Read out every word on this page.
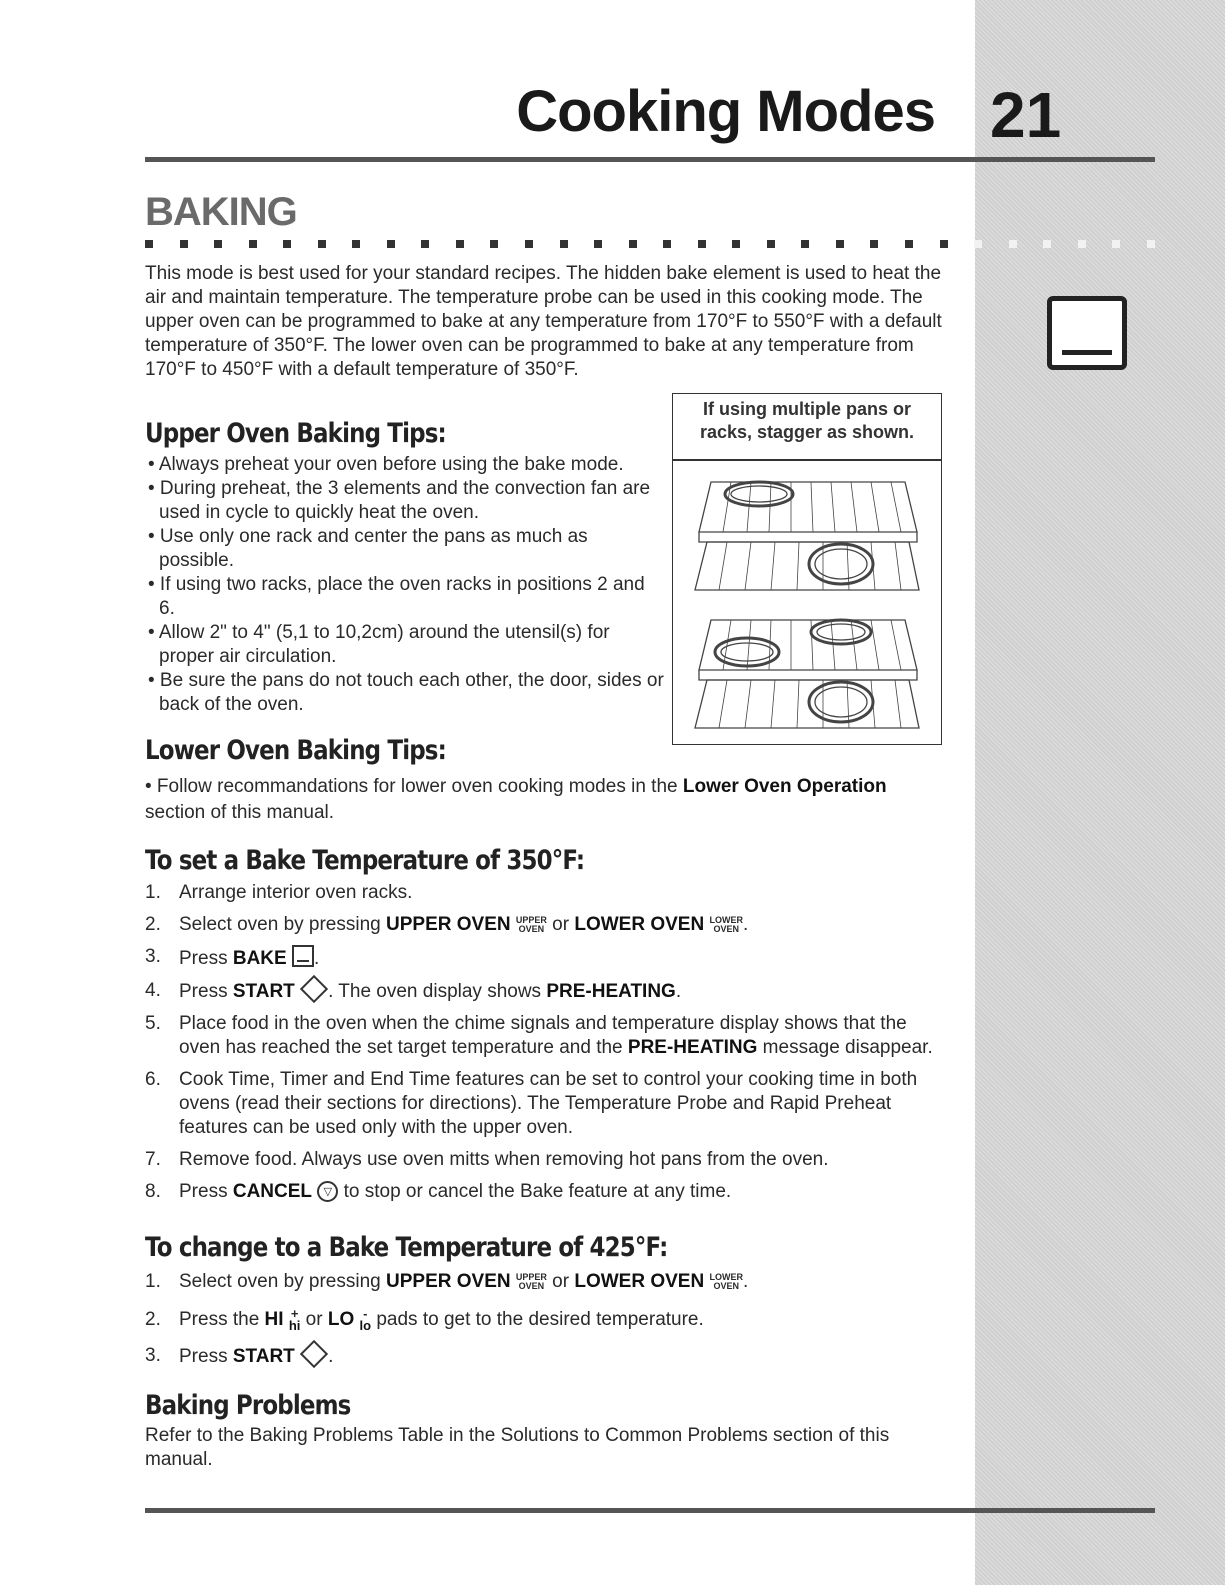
Cooking Modes 21
BAKING
This mode is best used for your standard recipes. The hidden bake element is used to heat the air and maintain temperature. The temperature probe can be used in this cooking mode. The upper oven can be programmed to bake at any temperature from 170°F to 550°F with a default temperature of 350°F. The lower oven can be programmed to bake at any temperature from 170°F to 450°F with a default temperature of 350°F.
Upper Oven Baking Tips:

• Always preheat your oven before using the bake mode.

• During preheat, the 3 elements and the convection fan are used in cycle to quickly heat the oven.

• Use only one rack and center the pans as much as possible.

• If using two racks, place the oven racks in positions 2 and 6.

• Allow 2" to 4" (5,1 to 10,2cm) around the utensil(s) for proper air circulation.

• Be sure the pans do not touch each other, the door, sides or back of the oven.

If using multiple pans or
racks, stagger as shown.
Lower Oven Baking Tips:
• Follow recommandations for lower oven cooking modes in the Lower Oven Operation section of this manual.
To set a Bake Temperature of 350°F:
1. Arrange interior oven racks.
2. Select oven by pressing UPPER OVEN UPPER
OVEN or LOWER OVEN LOWER
OVEN .
3. Press BAKE .
4. Press START . The oven display shows PRE-HEATING.
5. Place food in the oven when the chime signals and temperature display shows that the oven has reached the set target temperature and the PRE-HEATING message disappear.
6. Cook Time, Timer and End Time features can be set to control your cooking time in both ovens (read their sections for directions). The Temperature Probe and Rapid Preheat features can be used only with the upper oven.
7. Remove food. Always use oven mitts when removing hot pans from the oven.
8. Press CANCEL ▽ to stop or cancel the Bake feature at any time.
To change to a Bake Temperature of 425°F:
1. Select oven by pressing UPPER OVEN UPPER
OVEN or LOWER OVEN LOWER
OVEN .
2. Press the HI +
hi or LO -
lo pads to get to the desired temperature.
3. Press START .
Baking Problems
Refer to the Baking Problems Table in the Solutions to Common Problems section of this manual.
